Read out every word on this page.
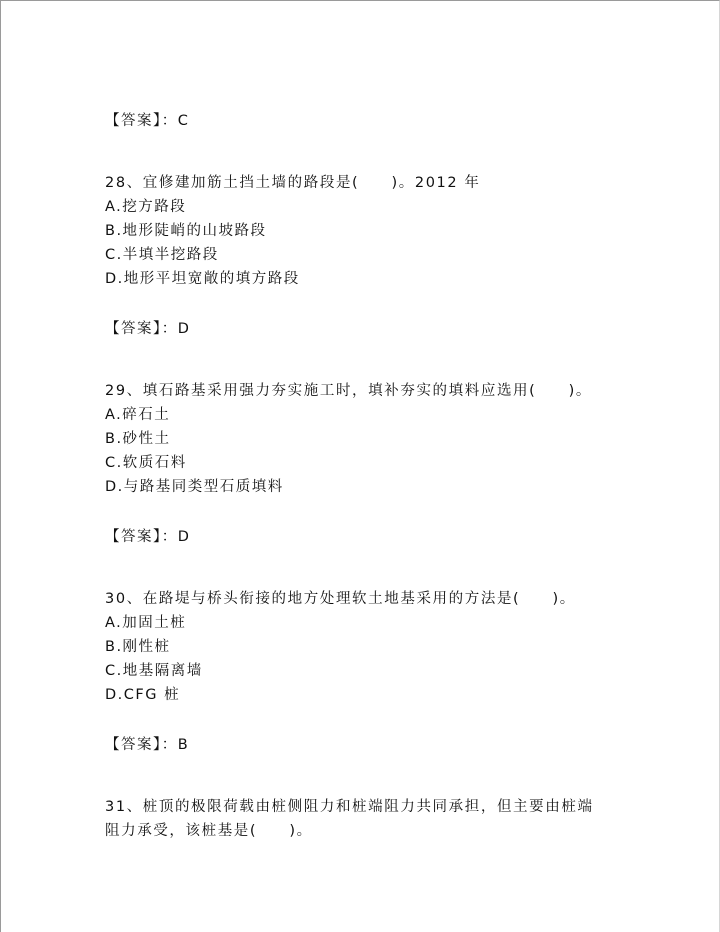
【答案】：C
28、宜修建加筋土挡土墙的路段是(　　)。2012 年
A.挖方路段
B.地形陡峭的山坡路段
C.半填半挖路段
D.地形平坦宽敞的填方路段
【答案】：D
29、填石路基采用强力夯实施工时，填补夯实的填料应选用(　　)。
A.碎石土
B.砂性土
C.软质石料
D.与路基同类型石质填料
【答案】：D
30、在路堤与桥头衔接的地方处理软土地基采用的方法是(　　)。
A.加固土桩
B.刚性桩
C.地基隔离墙
D.CFG 桩
【答案】：B
31、桩顶的极限荷载由桩侧阻力和桩端阻力共同承担，但主要由桩端
阻力承受，该桩基是(　　)。
